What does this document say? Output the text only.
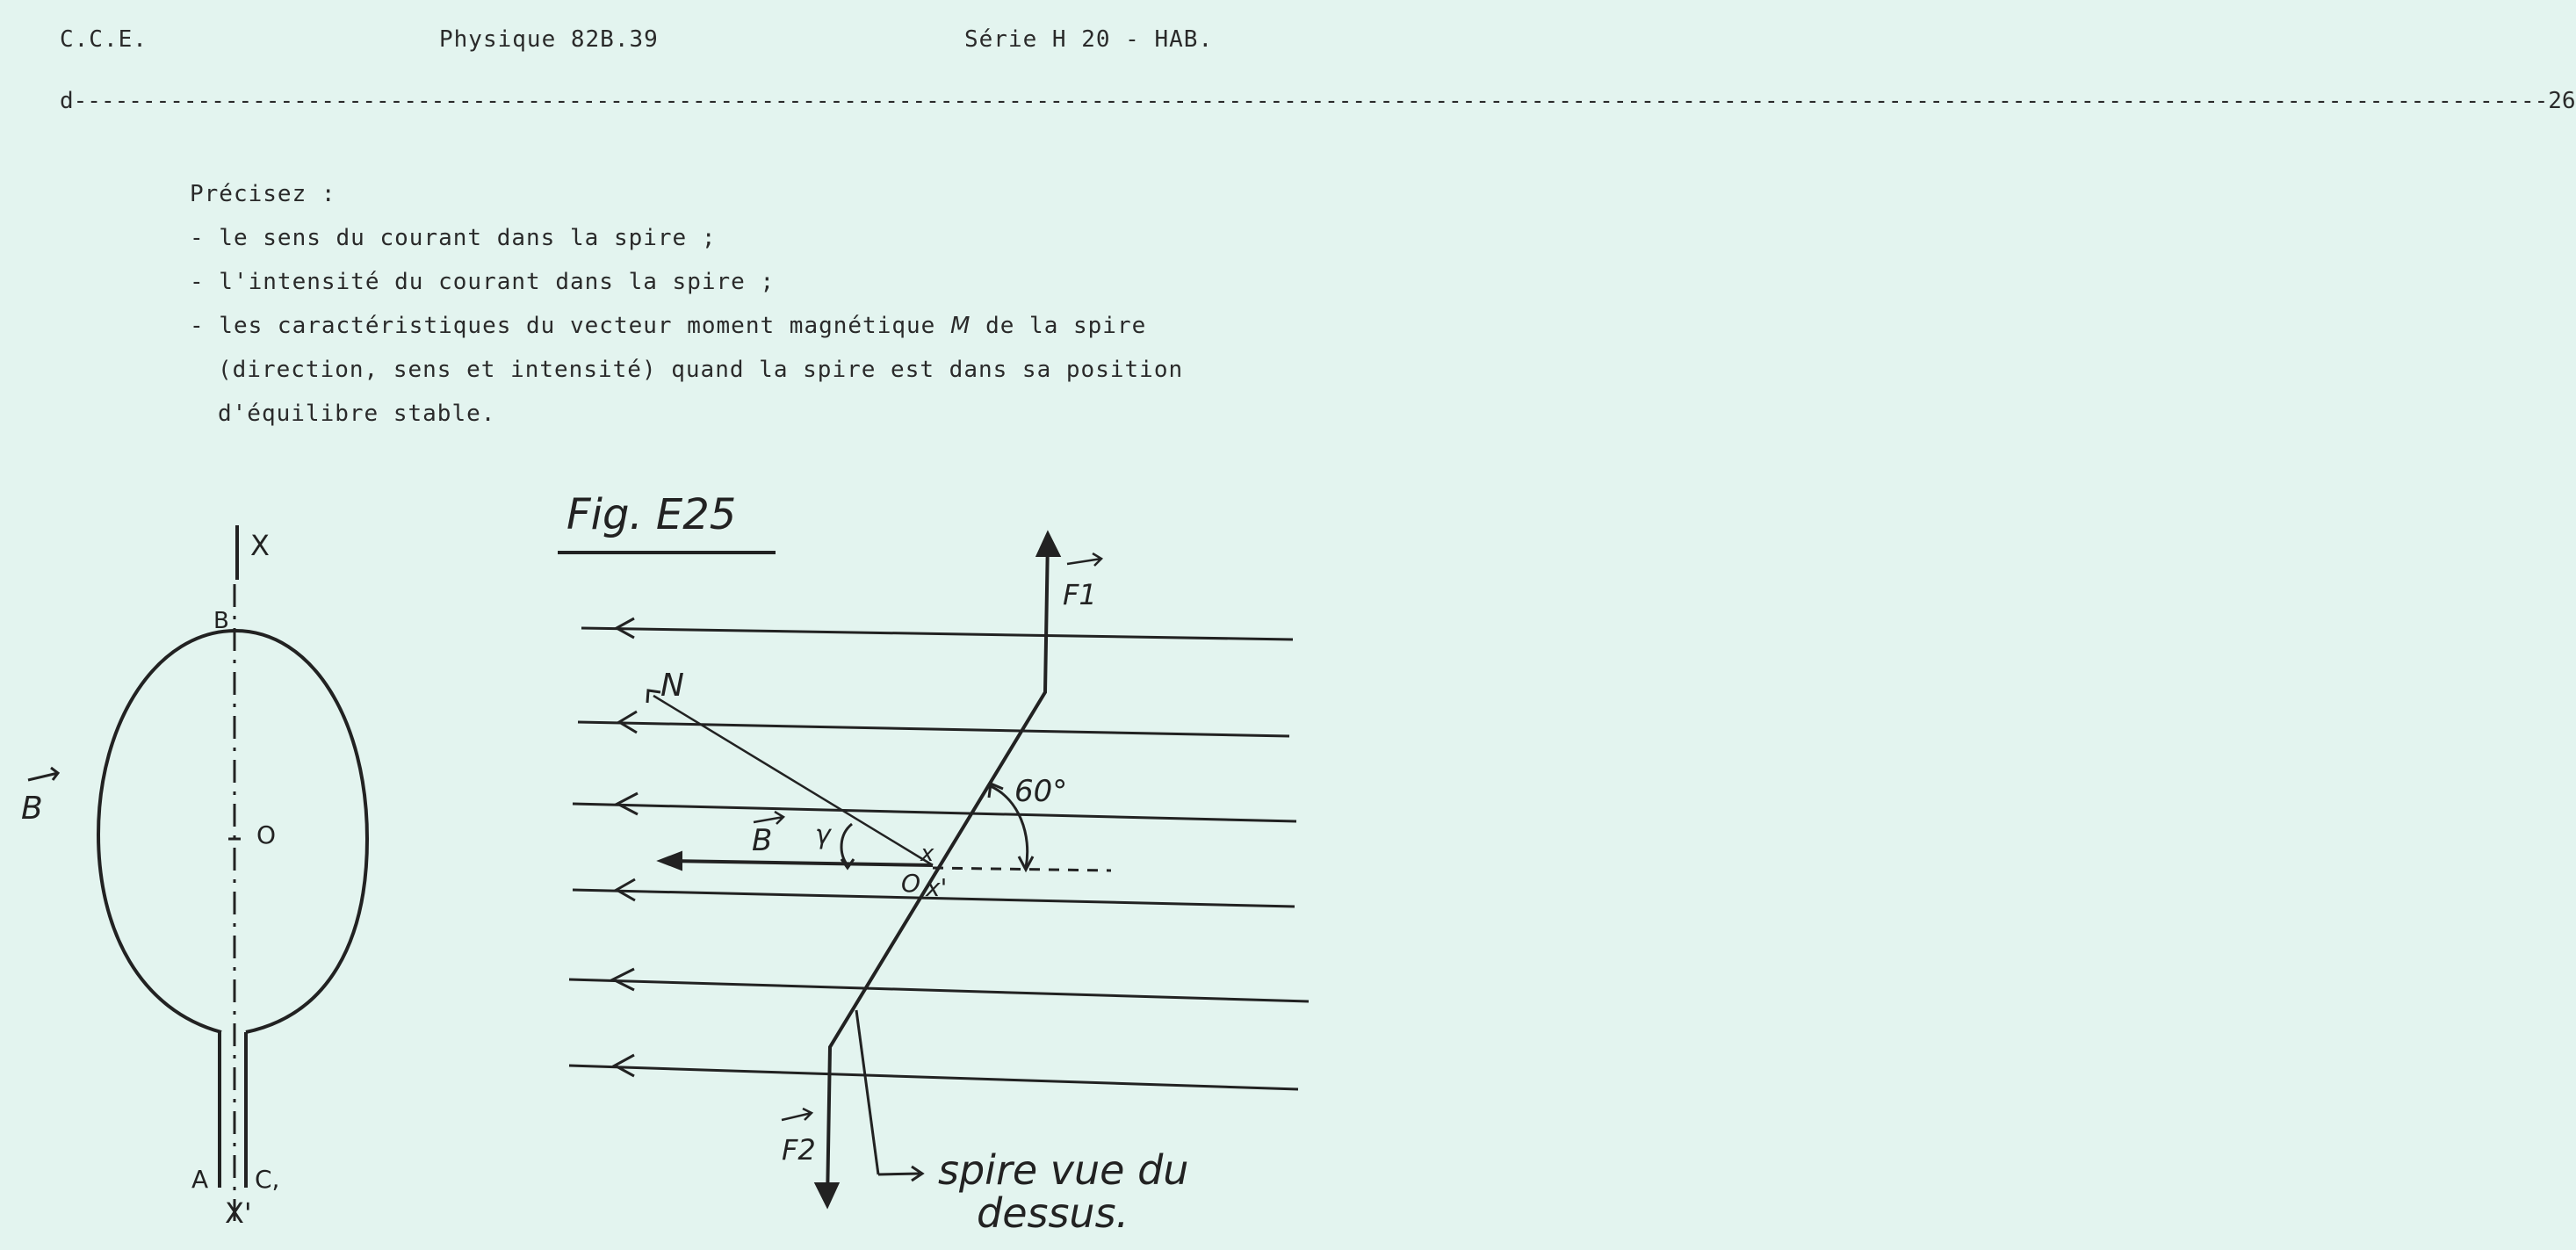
C.C.E.	Physique 82B.39	Série H 20 - HAB.
d ------------------------------------------------------------------------------------------------------------------------------------------------------------------------------------ 26
Précisez :
- le sens du courant dans la spire ;
- l'intensité du courant dans la spire ;
- les caractéristiques du vecteur moment magnétique M de la spire
(direction, sens et intensité) quand la spire est dans sa position
d'équilibre stable.
X
B
B
O
A C,
X'
Fig. E25
F1
F2
N
B γ
60°
x
O x'
spire vue du
dessus.
